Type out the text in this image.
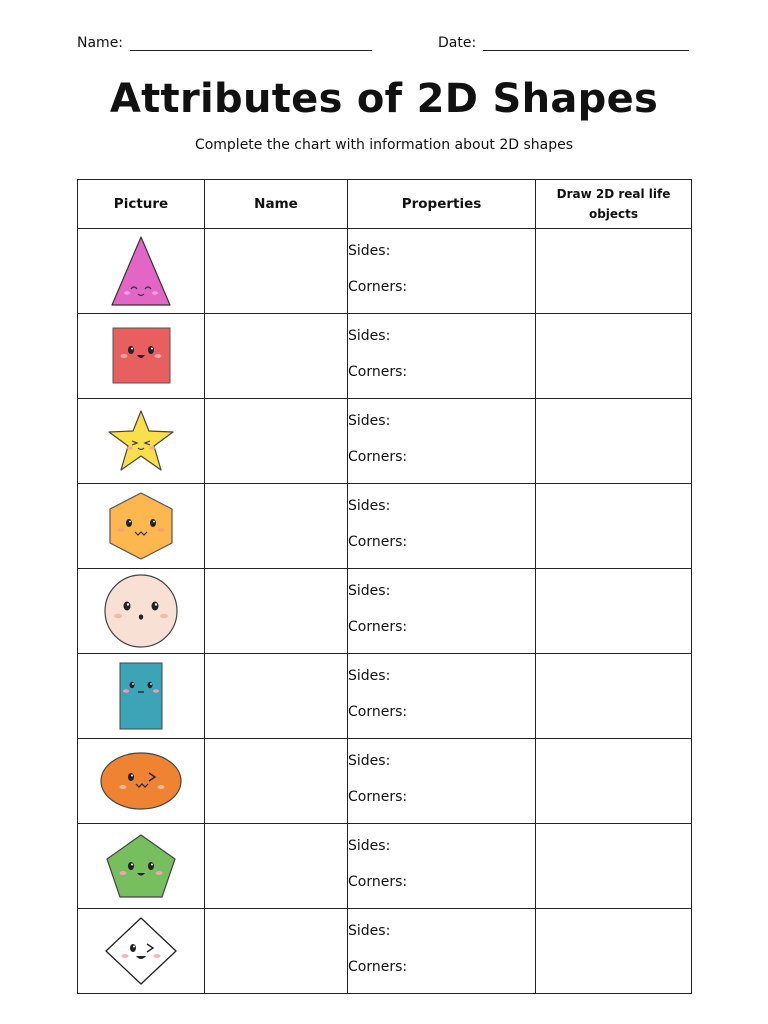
Name:	Date:
Attributes of 2D Shapes
Complete the chart with information about 2D shapes
Picture	Name	Properties	Draw 2D real life objects

Sides:
Corners:	

Sides:
Corners:	

Sides:
Corners:	

Sides:
Corners:	

Sides:
Corners:	

Sides:
Corners:	

Sides:
Corners:	

Sides:
Corners:	

Sides:
Corners:	
